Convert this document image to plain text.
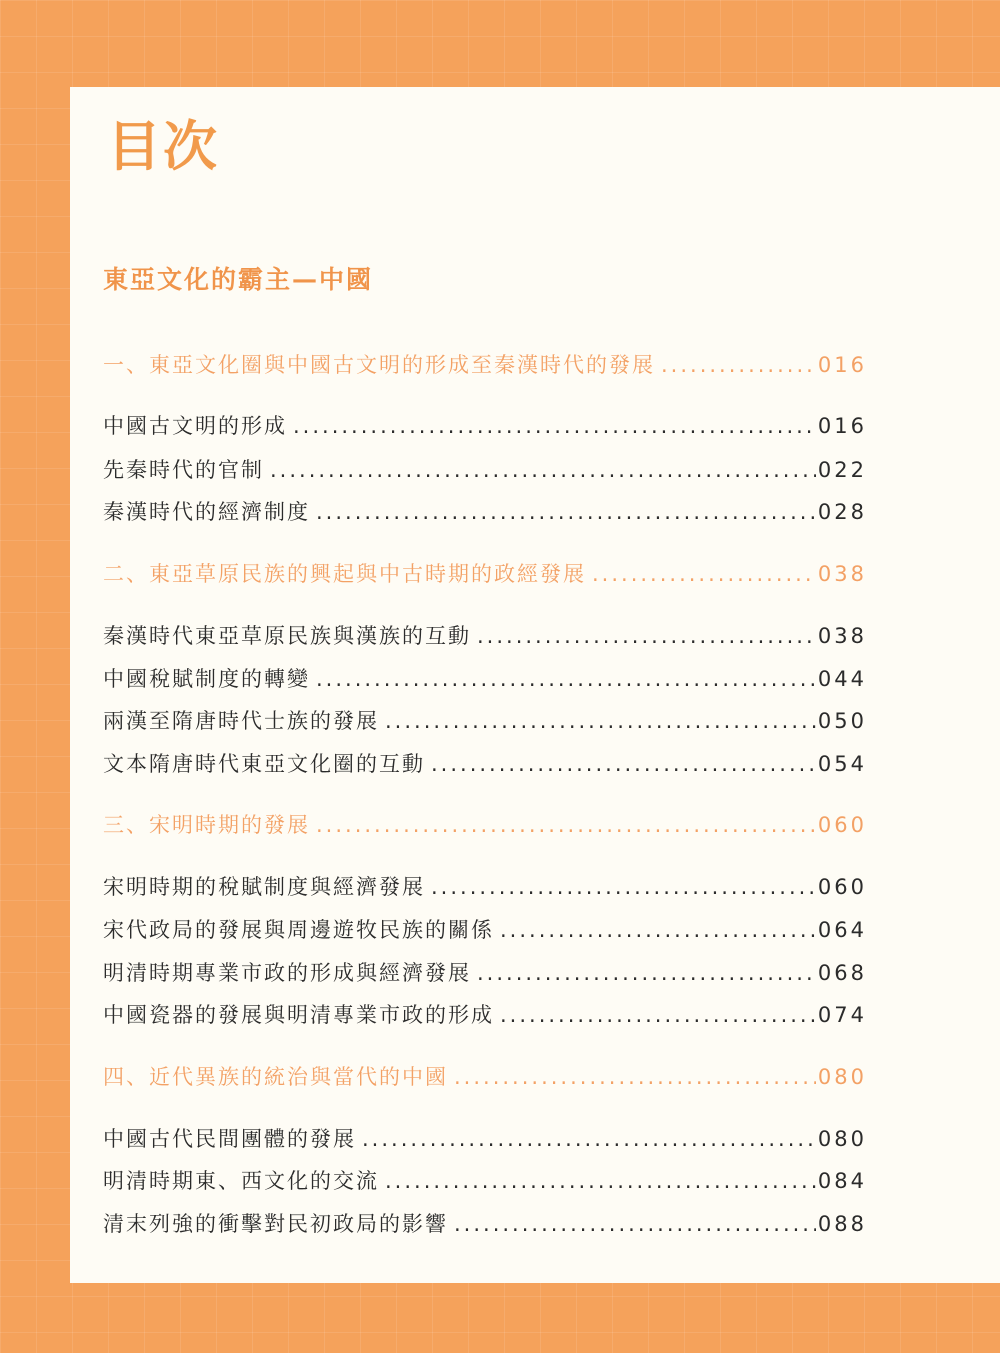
目次
東亞文化的霸主—中國
一、東亞文化圈與中國古文明的形成至秦漢時代的發展 .....	016
中國古文明的形成 .....	016
先秦時代的官制 .....	022
秦漢時代的經濟制度 .....	028
二、東亞草原民族的興起與中古時期的政經發展 .....	038
秦漢時代東亞草原民族與漢族的互動 .....	038
中國稅賦制度的轉變 .....	044
兩漢至隋唐時代士族的發展 .....	050
文本隋唐時代東亞文化圈的互動 .....	054
三、宋明時期的發展 .....	060
宋明時期的稅賦制度與經濟發展 .....	060
宋代政局的發展與周邊遊牧民族的關係 .....	064
明清時期專業市政的形成與經濟發展 .....	068
中國瓷器的發展與明清專業市政的形成 .....	074
四、近代異族的統治與當代的中國 .....	080
中國古代民間團體的發展 .....	080
明清時期東、西文化的交流 .....	084
清末列強的衝擊對民初政局的影響 .....	088
